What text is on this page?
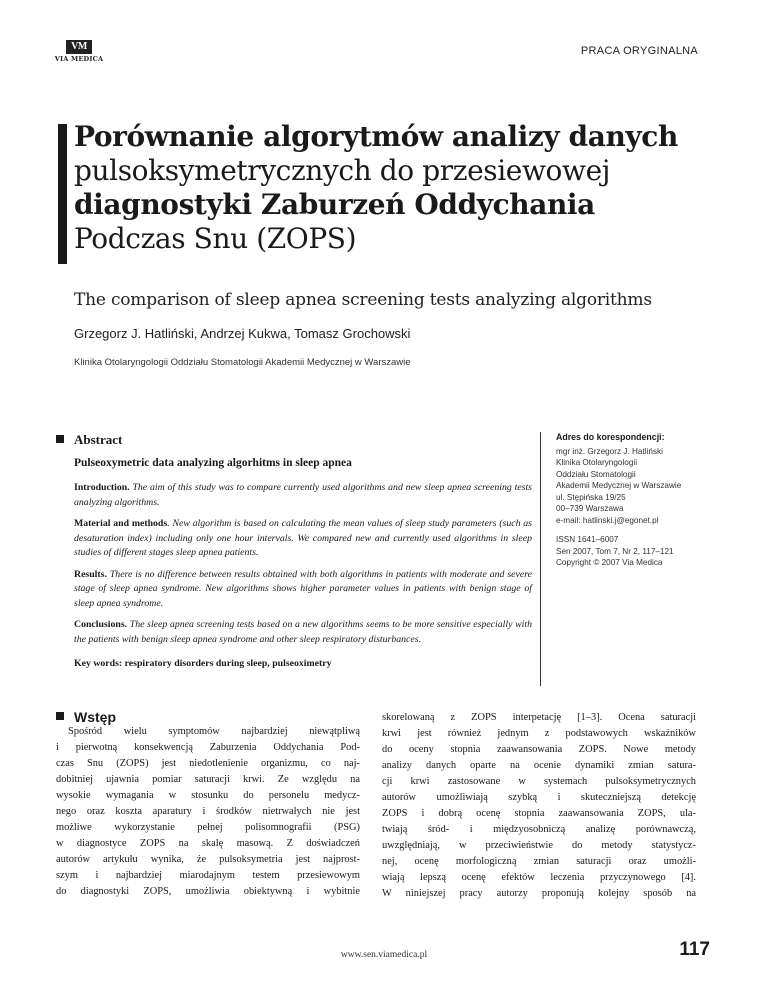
VM
VIA MEDICA
PRACA ORYGINALNA
Porównanie algorytmów analizy danych
pulsoksymetrycznych do przesiewowej
diagnostyki Zaburzeń Oddychania
Podczas Snu (ZOPS)
The comparison of sleep apnea screening tests analyzing algorithms
Grzegorz J. Hatliński, Andrzej Kukwa, Tomasz Grochowski
Klinika Otolaryngologii Oddziału Stomatologii Akademii Medycznej w Warszawie
Abstract
Pulseoxymetric data analyzing algorhitms in sleep apnea

Introduction. The aim of this study was to compare currently used algorithms and new sleep apnea screening tests analyzing algorithms.

Material and methods. New algorithm is based on calculating the mean values of sleep study parameters (such as desaturation index) including only one hour intervals. We compared new and currently used algorithms in sleep studies of different stages sleep apnea patients.

Results. There is no difference between results obtained with both algorithms in patients with moderate and severe stage of sleep apnea syndrome. New algorithms shows higher parameter values in patients with benign stage of sleep apnea syndrome.

Conclusions. The sleep apnea screening tests based on a new algorithms seems to be more sensitive especially with the patients with benign sleep apnea syndrome and other sleep respiratory disturbances.

Key words: respiratory disorders during sleep, pulseoximetry
Adres do korespondencji:
mgr inż. Grzegorz J. Hatliński
Klinika Otolaryngologii
Oddziału Stomatologii
Akademii Medycznej w Warszawie
ul. Stępińska 19/25
00–739 Warszawa
e-mail: hatlinski.j@egonet.pl
ISSN 1641–6007
Sen 2007, Tom 7, Nr 2, 117–121
Copyright © 2007 Via Medica
Wstęp
Spośród wielu symptomów najbardziej niewątpliwą
i pierwotną konsekwencją Zaburzenia Oddychania Pod-
czas Snu (ZOPS) jest niedotlenienie organizmu, co naj-
dobitniej ujawnia pomiar saturacji krwi. Ze względu na
wysokie wymagania w stosunku do personelu medycz-
nego oraz koszta aparatury i środków nietrwałych nie jest
możliwe wykorzystanie pełnej polisomnografii (PSG)
w diagnostyce ZOPS na skalę masową. Z doświadczeń
autorów artykułu wynika, że pulsoksymetria jest najprost-
szym i najbardziej miarodajnym testem przesiewowym
do diagnostyki ZOPS, umożliwia obiektywną i wybitnie
skorelowaną z ZOPS interpetację [1–3]. Ocena saturacji
krwi jest również jednym z podstawowych wskaźników
do oceny stopnia zaawansowania ZOPS. Nowe metody
analizy danych oparte na ocenie dynamiki zmian satura-
cji krwi zastosowane w systemach pulsoksymetrycznych
autorów umożliwiają szybką i skuteczniejszą detekcję
ZOPS i dobrą ocenę stopnia zaawansowania ZOPS, ula-
twiają śród- i międzyosobniczą analizę porównawczą,
uwzględniają, w przeciwieństwie do metody statystycz-
nej, ocenę morfologiczną zmian saturacji oraz umożli-
wiają lepszą ocenę efektów leczenia przyczynowego [4].
W niniejszej pracy autorzy proponują kolejny sposób na
www.sen.viamedica.pl	117
